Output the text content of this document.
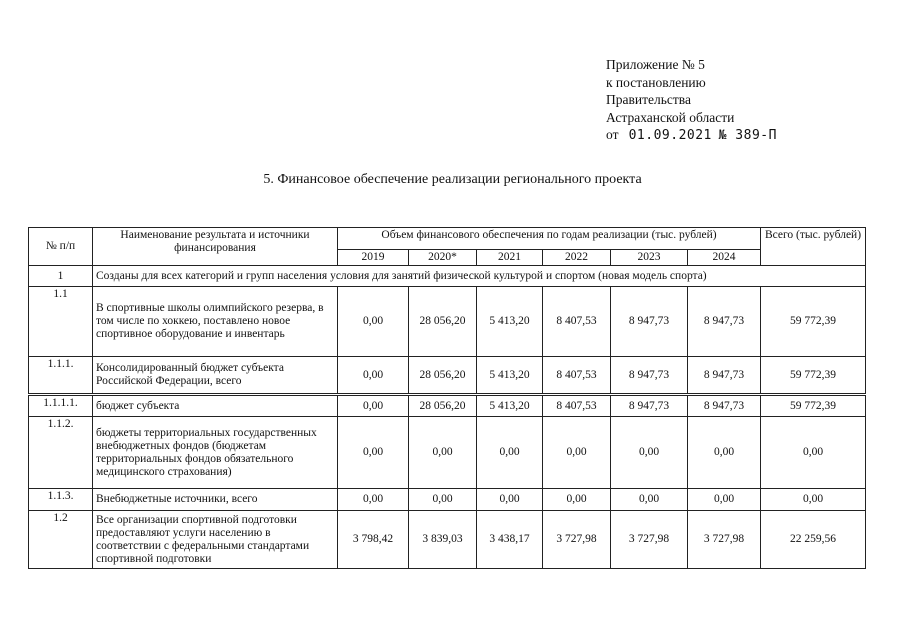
Приложение № 5
к постановлению
Правительства
Астраханской области
от 01.09.2021 № 389-П
5. Финансовое обеспечение реализации регионального проекта
№ п/п	Наименование результата и источники финансирования	Объем финансового обеспечения по годам реализации (тыс. рублей)						Всего (тыс. рублей)
		2019	2020*	2021	2022	2023	2024	
1	Созданы для всех категорий и групп населения условия для занятий физической культурой и спортом (новая модель спорта)							
1.1	В спортивные школы олимпийского резерва, в том числе по хоккею, поставлено новое спортивное оборудование и инвентарь	0,00	28 056,20	5 413,20	8 407,53	8 947,73	8 947,73	59 772,39
1.1.1.	Консолидированный бюджет субъекта Российской Федерации, всего	0,00	28 056,20	5 413,20	8 407,53	8 947,73	8 947,73	59 772,39
1.1.1.1.	бюджет субъекта	0,00	28 056,20	5 413,20	8 407,53	8 947,73	8 947,73	59 772,39
1.1.2.	бюджеты территориальных государственных внебюджетных фондов (бюджетам территориальных фондов обязательного медицинского страхования)	0,00	0,00	0,00	0,00	0,00	0,00	0,00
1.1.3.	Внебюджетные источники, всего	0,00	0,00	0,00	0,00	0,00	0,00	0,00
1.2	Все организации спортивной подготовки предоставляют услуги населению в соответствии с федеральными стандартами спортивной подготовки	3 798,42	3 839,03	3 438,17	3 727,98	3 727,98	3 727,98	22 259,56
